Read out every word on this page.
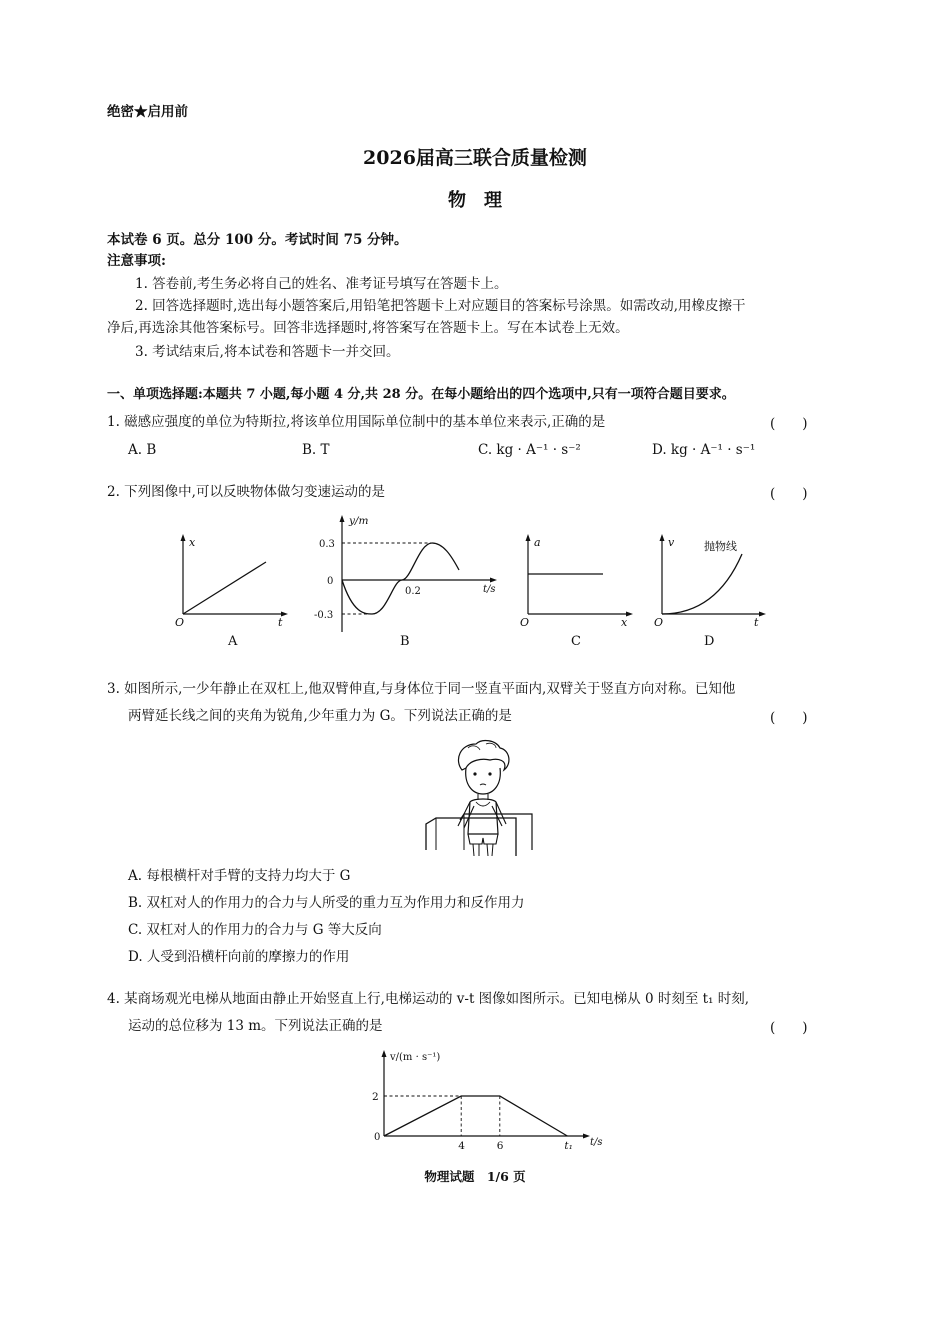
绝密★启用前
2026届高三联合质量检测
物　理
本试卷 6 页。总分 100 分。考试时间 75 分钟。
注意事项:
1. 答卷前,考生务必将自己的姓名、准考证号填写在答题卡上。
2. 回答选择题时,选出每小题答案后,用铅笔把答题卡上对应题目的答案标号涂黑。如需改动,用橡皮擦干
净后,再选涂其他答案标号。回答非选择题时,将答案写在答题卡上。写在本试卷上无效。
3. 考试结束后,将本试卷和答题卡一并交回。
一、单项选择题:本题共 7 小题,每小题 4 分,共 28 分。在每小题给出的四个选项中,只有一项符合题目要求。
1. 磁感应强度的单位为特斯拉,将该单位用国际单位制中的基本单位来表示,正确的是	(　　)
A. B	B. T	C. kg · A⁻¹ · s⁻²	D. kg · A⁻¹ · s⁻¹
2. 下列图像中,可以反映物体做匀变速运动的是	(　　)
x
t
O
A
y/m
0.3
0
-0.3
0.2	t/s
B
a
x
O
C
v	抛物线
t
O
D
3. 如图所示,一少年静止在双杠上,他双臂伸直,与身体位于同一竖直平面内,双臂关于竖直方向对称。已知他
两臂延长线之间的夹角为锐角,少年重力为 G。下列说法正确的是	(　　)
A. 每根横杆对手臂的支持力均大于 G
B. 双杠对人的作用力的合力与人所受的重力互为作用力和反作用力
C. 双杠对人的作用力的合力与 G 等大反向
D. 人受到沿横杆向前的摩擦力的作用
4. 某商场观光电梯从地面由静止开始竖直上行,电梯运动的 v-t 图像如图所示。已知电梯从 0 时刻至 t₁ 时刻,
运动的总位移为 13 m。下列说法正确的是	(　　)
v/(m · s⁻¹)
t/s
0
2
4	6	t₁
物理试题　1/6 页
